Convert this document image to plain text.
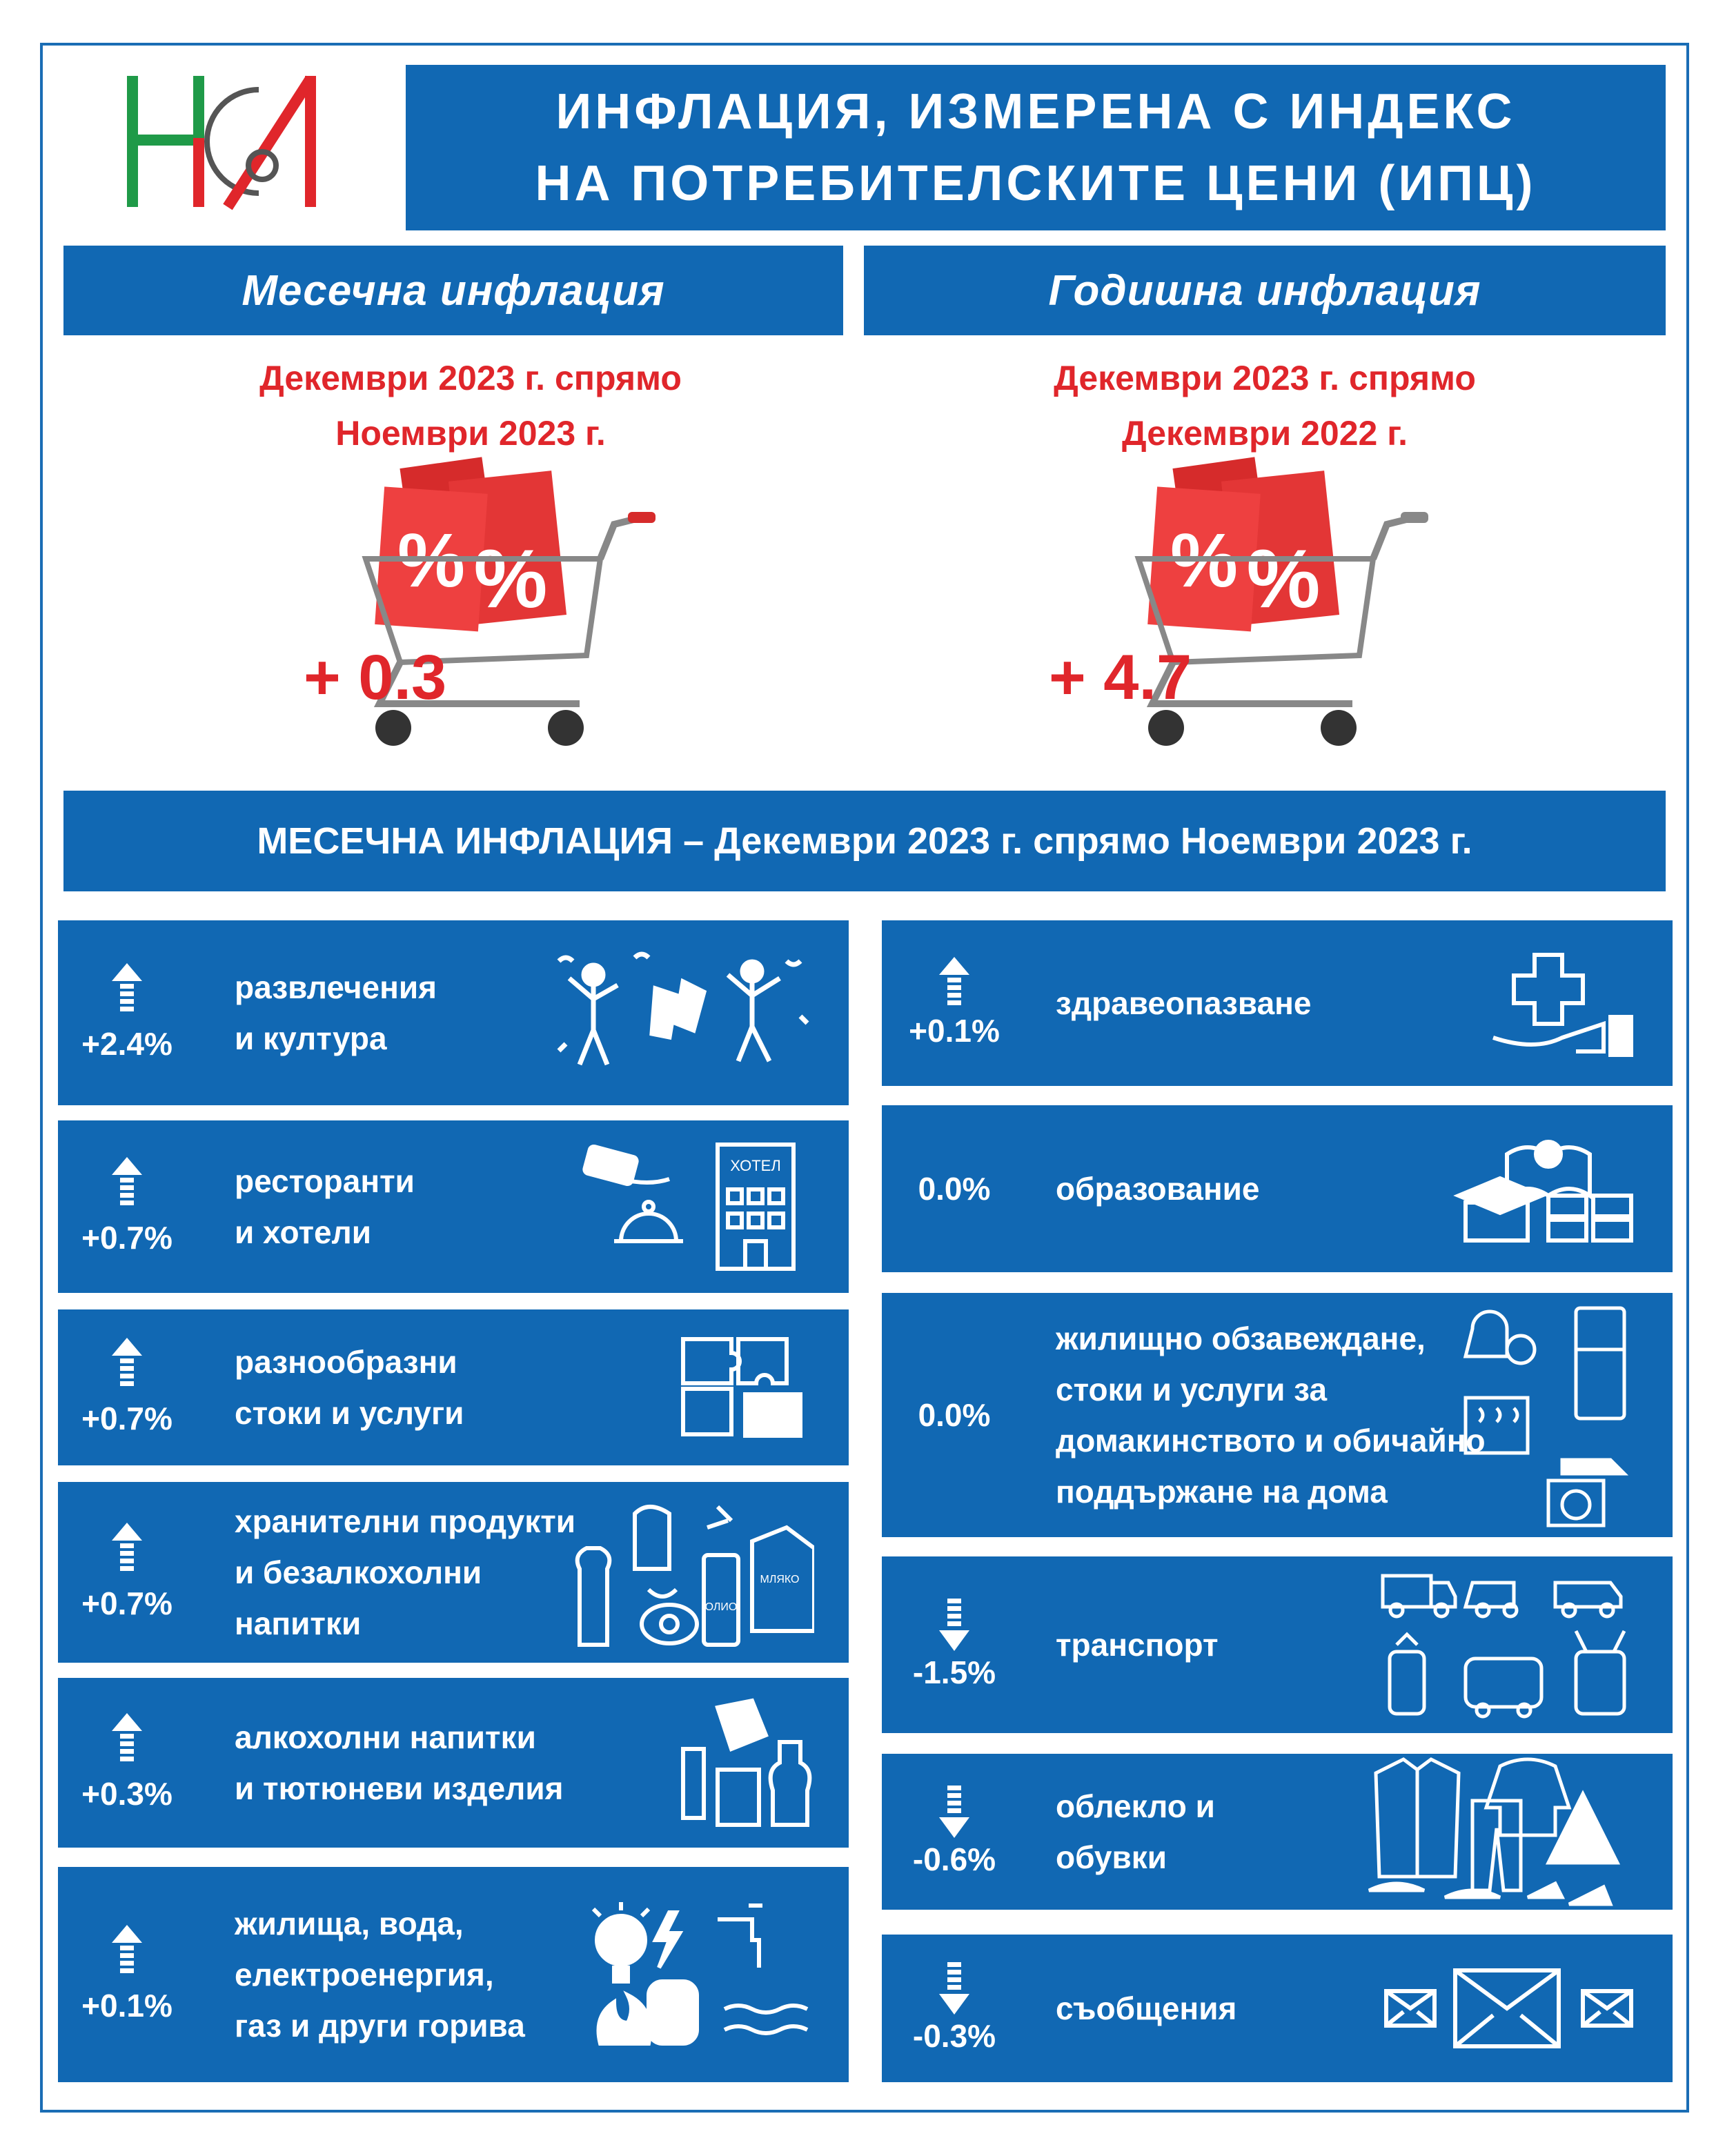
ИНФЛАЦИЯ, ИЗМЕРЕНА С ИНДЕКС
НА ПОТРЕБИТЕЛСКИТЕ ЦЕНИ (ИПЦ)
Месечна инфлация	Годишна инфлация
Декември 2023 г. спрямо
Ноември 2023 г.
Декември 2023 г. спрямо
Декември 2022 г.
% %
+ 0.3
% %
+ 4.7
МЕСЕЧНА ИНФЛАЦИЯ – Декември 2023 г. спрямо Ноември 2023 г.
+2.4%
развлечения
и култура
+0.7%
ресторанти
и хотели
ХОТЕЛ
+0.7%
разнообразни
стоки и услуги
+0.7%
хранителни продукти
и безалкохолни
напитки	ОЛИО
МЛЯКО
+0.3%
алкохолни напитки
и тютюневи изделия
+0.1%
жилища, вода,
електроенергия,
газ и други горива
+0.1%
здравеопазване
0.0% образование
0.0%
жилищно обзавеждане,
стоки и услуги за
домакинството и обичайно
поддържане на дома
-1.5%
транспорт
-0.6%
облекло и
обувки
-0.3%
съобщения
